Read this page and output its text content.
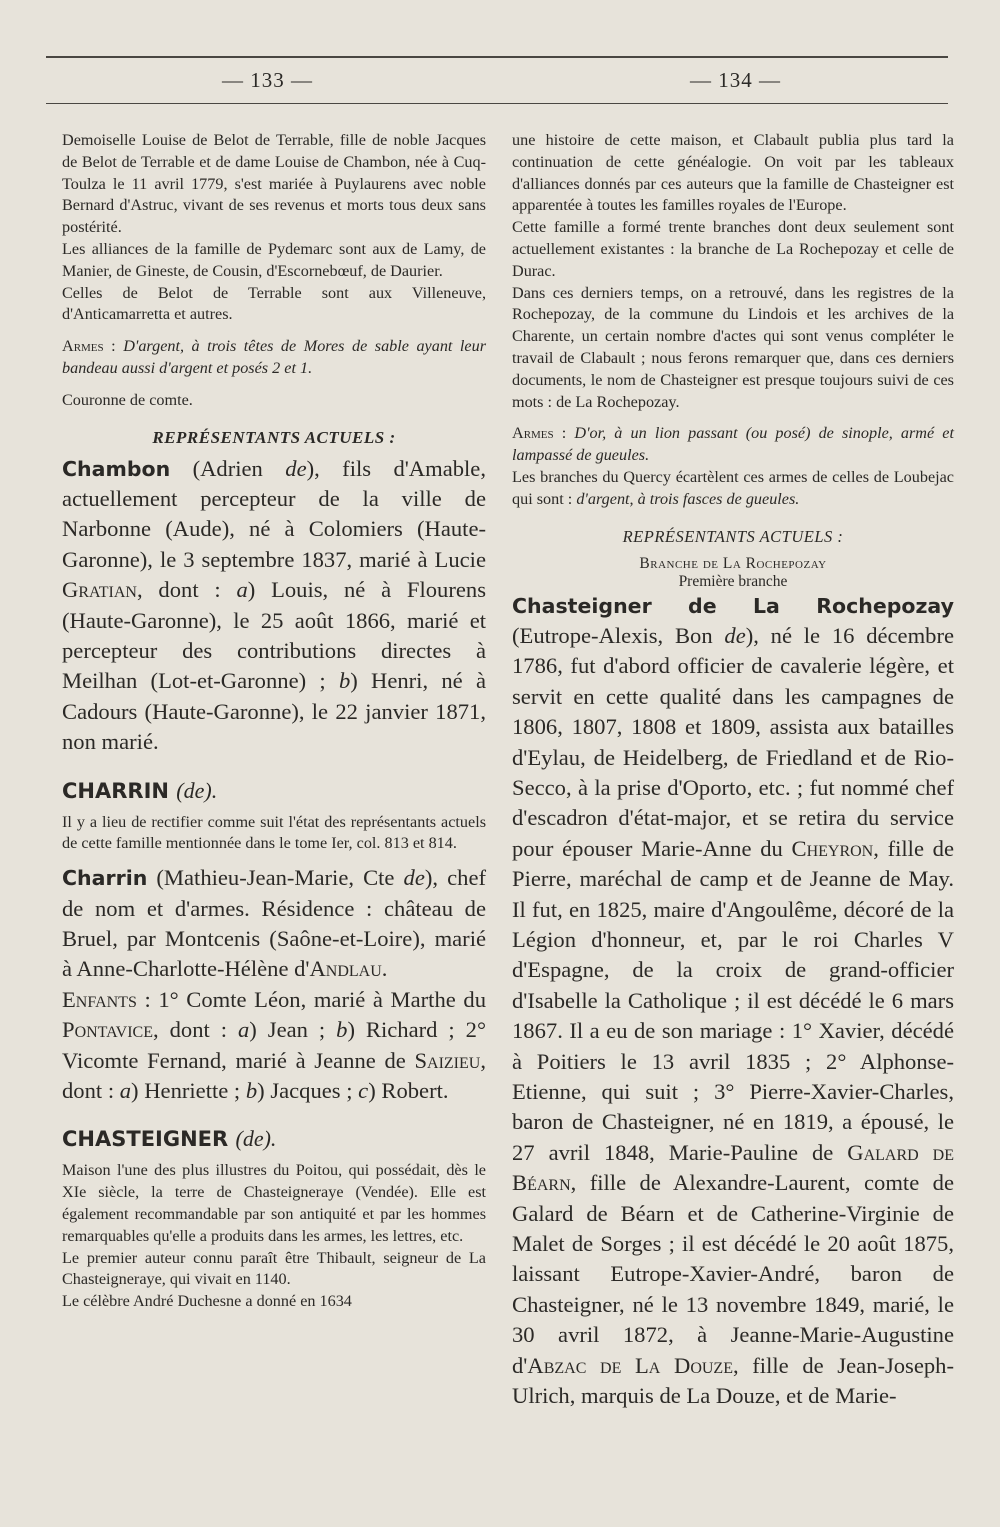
— 133 —	— 134 —

Demoiselle Louise de Belot de Terrable, fille de noble Jacques de Belot de Terrable et de dame Louise de Chambon, née à Cuq-Toulza le 11 avril 1779, s'est mariée à Puylaurens avec noble Bernard d'Astruc, vivant de ses revenus et morts tous deux sans postérité.

Les alliances de la famille de Pydemarc sont aux de Lamy, de Manier, de Gineste, de Cousin, d'Escornebœuf, de Daurier.

Celles de Belot de Terrable sont aux Villeneuve, d'Anticamarretta et autres.

Armes : D'argent, à trois têtes de Mores de sable ayant leur bandeau aussi d'argent et posés 2 et 1.

Couronne de comte.

REPRÉSENTANTS ACTUELS :

Chambon (Adrien de), fils d'Amable, actuellement percepteur de la ville de Narbonne (Aude), né à Colomiers (Haute-Garonne), le 3 septembre 1837, marié à Lucie Gratian, dont : a) Louis, né à Flourens (Haute-Garonne), le 25 août 1866, marié et percepteur des contributions directes à Meilhan (Lot-et-Garonne) ; b) Henri, né à Cadours (Haute-Garonne), le 22 janvier 1871, non marié.

CHARRIN (de).

Il y a lieu de rectifier comme suit l'état des représentants actuels de cette famille mentionnée dans le tome Ier, col. 813 et 814.

Charrin (Mathieu-Jean-Marie, Cte de), chef de nom et d'armes. Résidence : château de Bruel, par Montcenis (Saône-et-Loire), marié à Anne-Charlotte-Hélène d'Andlau.

Enfants : 1° Comte Léon, marié à Marthe du Pontavice, dont : a) Jean ; b) Richard ; 2° Vicomte Fernand, marié à Jeanne de Saizieu, dont : a) Henriette ; b) Jacques ; c) Robert.

CHASTEIGNER (de).

Maison l'une des plus illustres du Poitou, qui possédait, dès le XIe siècle, la terre de Chasteigneraye (Vendée). Elle est également recommandable par son antiquité et par les hommes remarquables qu'elle a produits dans les armes, les lettres, etc.

Le premier auteur connu paraît être Thibault, seigneur de La Chasteigneraye, qui vivait en 1140.

Le célèbre André Duchesne a donné en 1634

une histoire de cette maison, et Clabault publia plus tard la continuation de cette généalogie. On voit par les tableaux d'alliances donnés par ces auteurs que la famille de Chasteigner est apparentée à toutes les familles royales de l'Europe.

Cette famille a formé trente branches dont deux seulement sont actuellement existantes : la branche de La Rochepozay et celle de Durac.

Dans ces derniers temps, on a retrouvé, dans les registres de la Rochepozay, de la commune du Lindois et les archives de la Charente, un certain nombre d'actes qui sont venus compléter le travail de Clabault ; nous ferons remarquer que, dans ces derniers documents, le nom de Chasteigner est presque toujours suivi de ces mots : de La Rochepozay.

Armes : D'or, à un lion passant (ou posé) de sinople, armé et lampassé de gueules.

Les branches du Quercy écartèlent ces armes de celles de Loubejac qui sont : d'argent, à trois fasces de gueules.

REPRÉSENTANTS ACTUELS :

Branche de La Rochepozay

Première branche

Chasteigner de La Rochepozay (Eutrope-Alexis, Bon de), né le 16 décembre 1786, fut d'abord officier de cavalerie légère, et servit en cette qualité dans les campagnes de 1806, 1807, 1808 et 1809, assista aux batailles d'Eylau, de Heidelberg, de Friedland et de Rio-Secco, à la prise d'Oporto, etc. ; fut nommé chef d'escadron d'état-major, et se retira du service pour épouser Marie-Anne du Cheyron, fille de Pierre, maréchal de camp et de Jeanne de May. Il fut, en 1825, maire d'Angoulême, décoré de la Légion d'honneur, et, par le roi Charles V d'Espagne, de la croix de grand-officier d'Isabelle la Catholique ; il est décédé le 6 mars 1867. Il a eu de son mariage : 1° Xavier, décédé à Poitiers le 13 avril 1835 ; 2° Alphonse-Etienne, qui suit ; 3° Pierre-Xavier-Charles, baron de Chasteigner, né en 1819, a épousé, le 27 avril 1848, Marie-Pauline de Galard de Béarn, fille de Alexandre-Laurent, comte de Galard de Béarn et de Catherine-Virginie de Malet de Sorges ; il est décédé le 20 août 1875, laissant Eutrope-Xavier-André, baron de Chasteigner, né le 13 novembre 1849, marié, le 30 avril 1872, à Jeanne-Marie-Augustine d'Abzac de La Douze, fille de Jean-Joseph-Ulrich, marquis de La Douze, et de Marie-
